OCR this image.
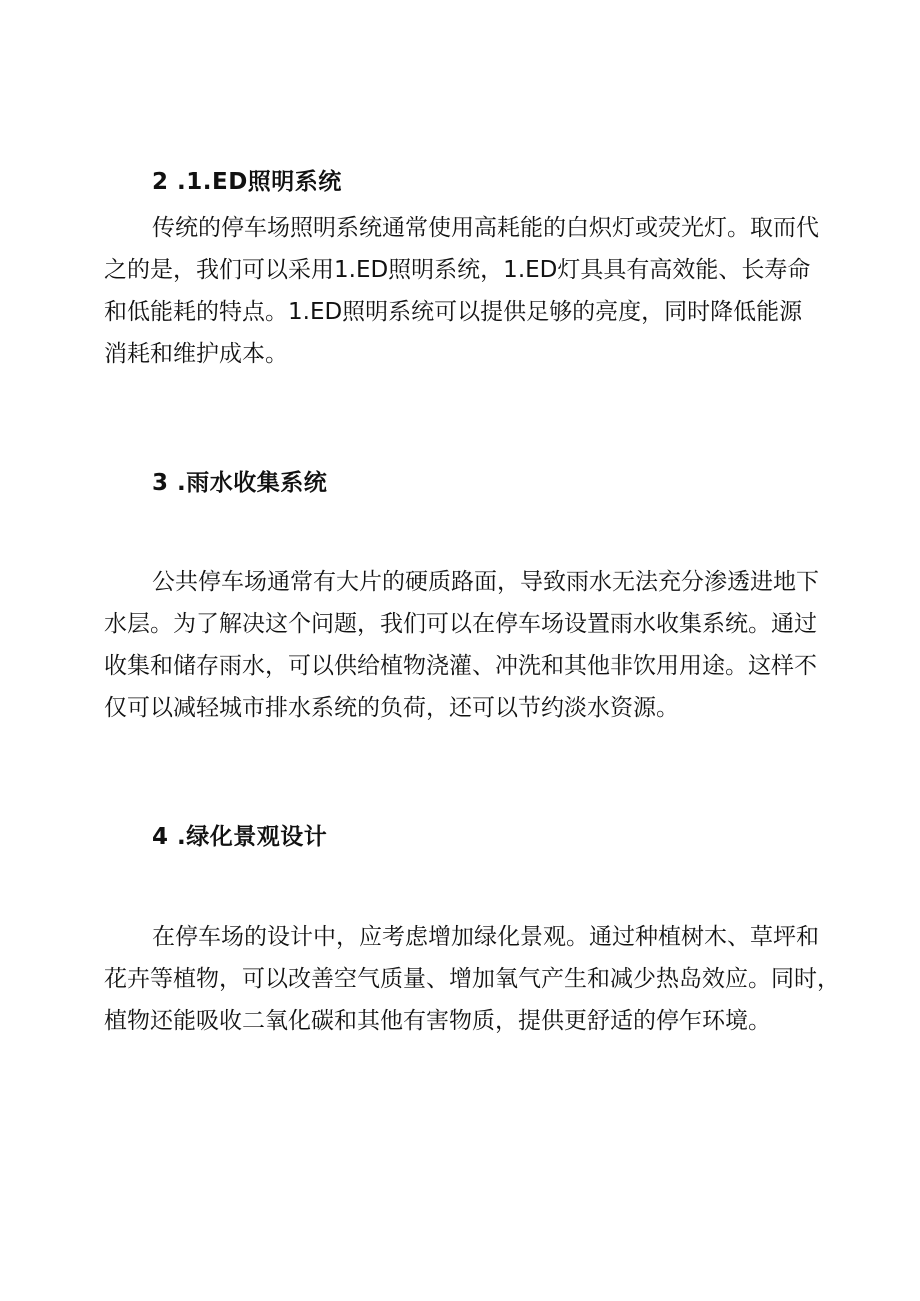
2 .1.ED照明系统
传统的停车场照明系统通常使用高耗能的白炽灯或荧光灯。取而代
之的是，我们可以采用1.ED照明系统，1.ED灯具具有高效能、长寿命
和低能耗的特点。1.ED照明系统可以提供足够的亮度，同时降低能源
消耗和维护成本。
3 .雨水收集系统
公共停车场通常有大片的硬质路面，导致雨水无法充分渗透进地下
水层。为了解决这个问题，我们可以在停车场设置雨水收集系统。通过
收集和储存雨水，可以供给植物浇灌、冲洗和其他非饮用用途。这样不
仅可以减轻城市排水系统的负荷，还可以节约淡水资源。
4 .绿化景观设计
在停车场的设计中，应考虑增加绿化景观。通过种植树木、草坪和
花卉等植物，可以改善空气质量、增加氧气产生和减少热岛效应。同时，
植物还能吸收二氧化碳和其他有害物质，提供更舒适的停乍环境。
